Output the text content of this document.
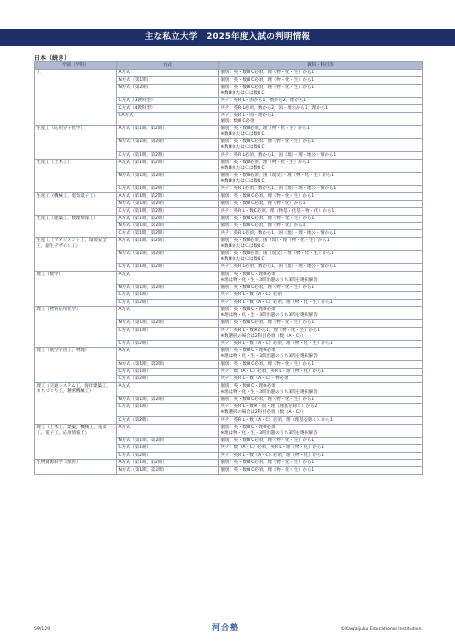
主な私立大学　2025年度入試の判明情報
日本（続き）
学部（学科）	方式	教科・科目等
工	A方式	個別：英・数Ⅲ C必須，理（物・化・生）から1

	N方式（第1期）	個別：英・数Ⅲ C必須，理（物・化・生）から1

	N方式（第2期）	個別：英・数Ⅲ C必須，理（物・化・生）から1
※数ⅢまたはＣは数Ⅱ C

	C方式（3教科型）	共テ：英R L・国から1，数から2，理から1

	C方式（4教科型）	共テ：英R L必須，数から2，国・地公から1，理から1

	CA方式	共テ：英R L・国・理から1
個別：数Ⅲ C必須

生産工（応用分子化学）	A方式（第1期，第2期）	個別：英・数Ⅲ必須，理（物・化・生）から1
※数ⅢまたはＣは数Ⅱ C

	N方式（第1期，第2期）	個別：英・数Ⅲ C必須，理（物・化・生）から1
※数ⅢまたはＣは数Ⅱ C

	C方式（第1期，第2期）	共テ：英R L必須，数から1，国（現）・理・地公・情から1

生産工（土木工）	A方式（第1期，第2期）	個別：英・数Ⅲ必須，理（物・化・生）から1
※数ⅢまたはＣは数Ⅱ C

	N方式（第1期，第2期）	個別：英・数Ⅲ必須，国（現文）・理（物・化・生）から1
※数ⅢまたはＣは数Ⅱ C

	C方式（第1期，第2期）	共テ：英R L必須，数から1，国（現）・理・地公・情から1

生産工（機械工，電気電子工）	A方式（第1期，第2期）	個別：英・数Ⅲ C必須，理（物・化・生）から1

	N方式（第1期，第2期）	個別：英・数Ⅲ C必須，理（物・化）から1

	C方式（第1期，第2期）	共テ：英R L・数C必須，理（物基・化基・物・化）から1

生産工（建築工，数理情報工）	A方式（第1期，第2期）	個別：英・数Ⅲ C必須，理（物・化・生）から1

	N方式（第1期，第2期）	個別：英・数Ⅲ C必須，理（物・化）から1

	C方式（第1期，第2期）	共テ：英R L必須，数から1，国（現）・理・地公・情から1

生産工（マネジメント工，環境安全工，創生デザイン工）	A方式（第1期，第2期）	個別：英・数Ⅲ必須，国（現）・理（物・化・生）から1
※数ⅢまたはＣは数Ⅱ C

	N方式（第1期，第2期）	個別：英・数Ⅲ必須，国（現文）・理（物・化・生）から1
※数ⅢまたはＣは数Ⅱ C

	C方式（第1期，第2期）	共テ：英R L必須，数から1，国（現）・理・地公・情から1

理工（数学）	A方式	個別：英・数Ⅲ C・理※必須
※理は物・化・生・3問出題のうち3問を選択解答

	N方式（第1期，第2期）	個別：英・数Ⅲ C必須，理（物・化・生）から1

	C方式（第1期）	共テ：英R L・数（A・C）必須

	C方式（第2期）	共テ：英R L・数（A・C）必須，理（物・化・生）から1

理工（物質応用化学）	A方式	個別：英・数Ⅲ C・理※必須
※理は物・化・生・3問出題のうち3問を選択解答

	N方式（第1期，第2期）	個別：英・数Ⅲ C必須，理（物・化・生）から1

	C方式（第1期）	共テ：英R L・数※から1，理（物・化・生）から1
※数選択の場合は2科目必須（数（A・C））

	C方式（第2期）	共テ：英R L・数（A・C）必須，理（物・化・生）から1

理工（航空宇宙工，物理）	A方式	個別：英・数Ⅲ C・理※必須
※理は物・化・生・3問出題のうち3問を選択解答

	N方式（第1期，第2期）	個別：英・数Ⅲ C必須，理（物・化・生）から1

	C方式（第1期）	共テ：数（A・C）必須，英R L・理（物・化）から1

	C方式（第2期）	共テ：英R L・数（A・C）・物必須

理工（交通システム工，海洋建築工，まちづくり工，精密機械工）	A方式	個別：英・数Ⅲ C・理※必須
※理は物・化・生・3問出題のうち3問を選択解答

	N方式（第1期，第2期）	個別：英・数Ⅲ C必須，理（物・化・生）から1

	C方式（第1期）	共テ：英R L・数※・国・理（理基を除く）から2
※数選択の場合は2科目必須（数（A・C））

	C方式（第2期）	共テ：英R L・数（A・C）必須，理（理基を除く）から1

理工（土木工，建築，機械工，電気工，電子工，応用情報工）	A方式	個別：英・数Ⅲ C・理※必須
※理は物・化・生・3問出題のうち3問を選択解答

	N方式（第1期，第2期）	個別：英・数Ⅲ C必須，理（物・化・生）から1

	C方式（第1期）	共テ：数（A・C）必須，英R L・理（物・化）から1

	C方式（第2期）	共テ：英R L・数（A・C）必須，理（物・化）から1

生物資源科学（獣医）	A方式（第1期，第2期）	個別：英・数Ⅲ C必須，理（物・化・生）から1

	N方式（第1期，第2期）	個別：英・数Ⅲ C必須，理（物・化・生）から1
59/129	河合塾	©Kawaijuku Educational Institution.
